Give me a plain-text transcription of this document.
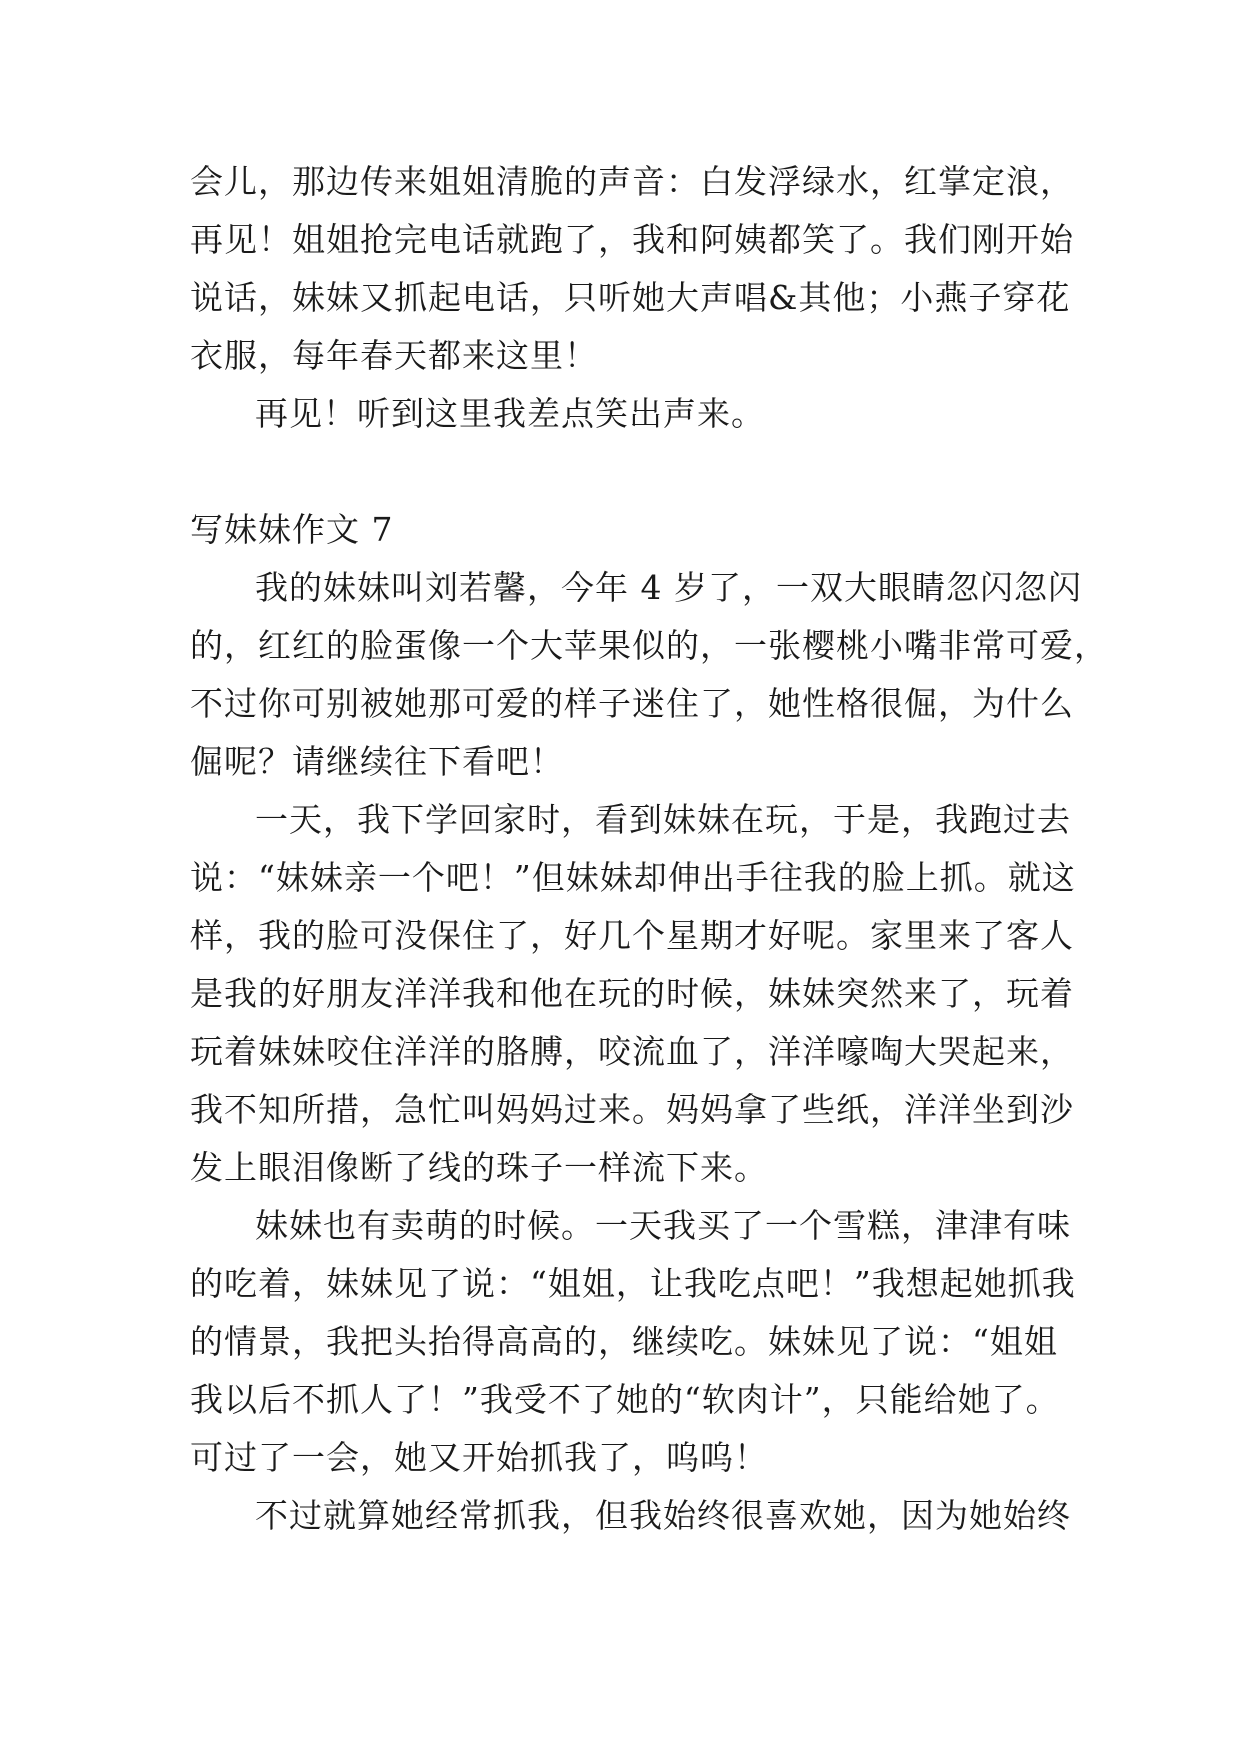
会儿，那边传来姐姐清脆的声音：白发浮绿水，红掌定浪，
再见！姐姐抢完电话就跑了，我和阿姨都笑了。我们刚开始
说话，妹妹又抓起电话，只听她大声唱&其他；小燕子穿花
衣服，每年春天都来这里！
再见！听到这里我差点笑出声来。
写妹妹作文 7
我的妹妹叫刘若馨，今年 4 岁了，一双大眼睛忽闪忽闪
的，红红的脸蛋像一个大苹果似的，一张樱桃小嘴非常可爱，
不过你可别被她那可爱的样子迷住了，她性格很倔，为什么
倔呢？请继续往下看吧！
一天，我下学回家时，看到妹妹在玩，于是，我跑过去
说：“妹妹亲一个吧！”但妹妹却伸出手往我的脸上抓。就这
样，我的脸可没保住了，好几个星期才好呢。家里来了客人
是我的好朋友洋洋我和他在玩的时候，妹妹突然来了，玩着
玩着妹妹咬住洋洋的胳膊，咬流血了，洋洋嚎啕大哭起来，
我不知所措，急忙叫妈妈过来。妈妈拿了些纸，洋洋坐到沙
发上眼泪像断了线的珠子一样流下来。
妹妹也有卖萌的时候。一天我买了一个雪糕，津津有味
的吃着，妹妹见了说：“姐姐，让我吃点吧！”我想起她抓我
的情景，我把头抬得高高的，继续吃。妹妹见了说：“姐姐
我以后不抓人了！”我受不了她的“软肉计”，只能给她了。
可过了一会，她又开始抓我了，呜呜！
不过就算她经常抓我，但我始终很喜欢她，因为她始终
